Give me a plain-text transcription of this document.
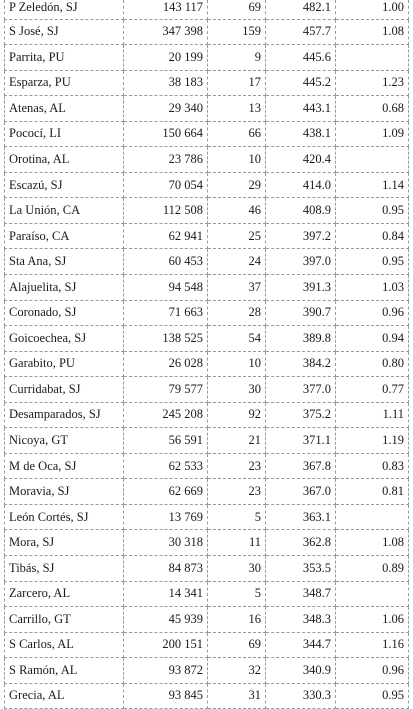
P Zeledón, SJ	143 117	69	482.1	1.00
S José, SJ	347 398	159	457.7	1.08
Parrita, PU	20 199	9	445.6	
Esparza, PU	38 183	17	445.2	1.23
Atenas, AL	29 340	13	443.1	0.68
Pococí, LI	150 664	66	438.1	1.09
Orotina, AL	23 786	10	420.4	
Escazú, SJ	70 054	29	414.0	1.14
La Unión, CA	112 508	46	408.9	0.95
Paraíso, CA	62 941	25	397.2	0.84
Sta Ana, SJ	60 453	24	397.0	0.95
Alajuelita, SJ	94 548	37	391.3	1.03
Coronado, SJ	71 663	28	390.7	0.96
Goicoechea, SJ	138 525	54	389.8	0.94
Garabito, PU	26 028	10	384.2	0.80
Curridabat, SJ	79 577	30	377.0	0.77
Desamparados, SJ	245 208	92	375.2	1.11
Nicoya, GT	56 591	21	371.1	1.19
M de Oca, SJ	62 533	23	367.8	0.83
Moravia, SJ	62 669	23	367.0	0.81
León Cortés, SJ	13 769	5	363.1	
Mora, SJ	30 318	11	362.8	1.08
Tibás, SJ	84 873	30	353.5	0.89
Zarcero, AL	14 341	5	348.7	
Carrillo, GT	45 939	16	348.3	1.06
S Carlos, AL	200 151	69	344.7	1.16
S Ramón, AL	93 872	32	340.9	0.96
Grecia, AL	93 845	31	330.3	0.95
